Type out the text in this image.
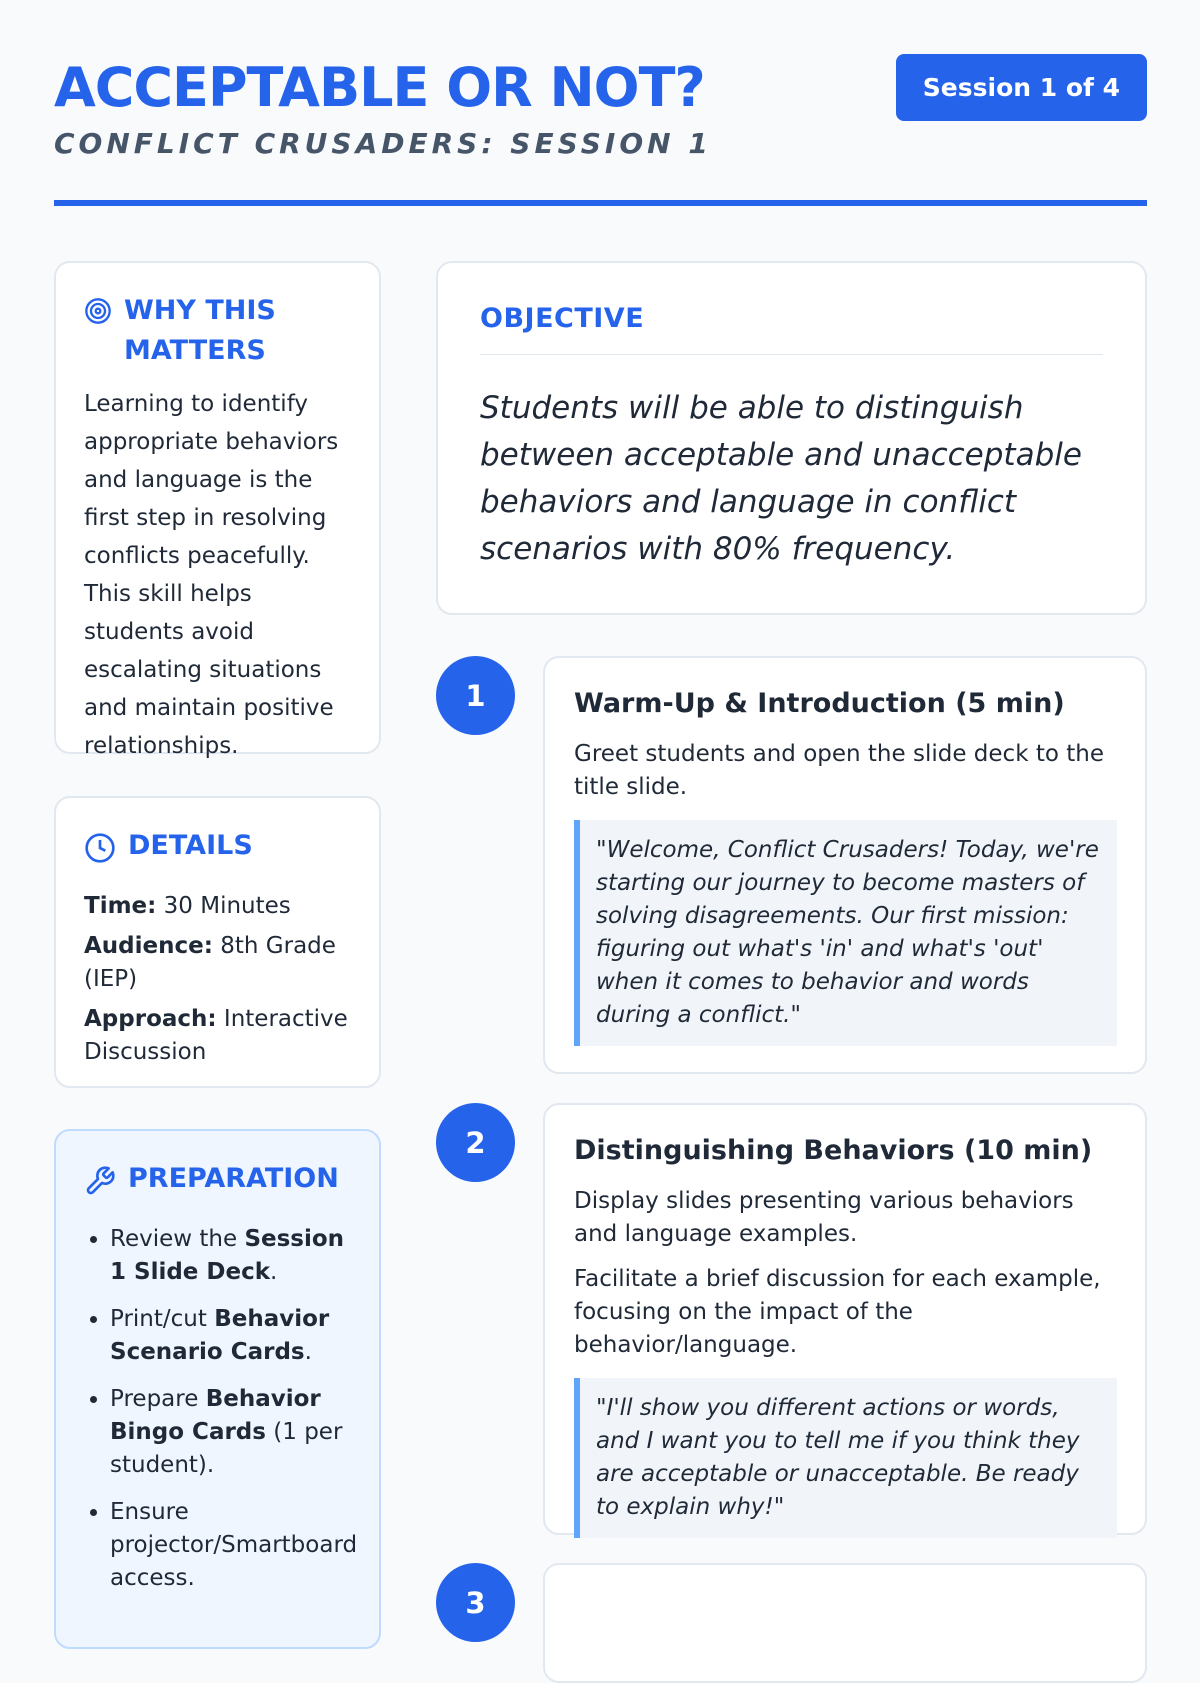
ACCEPTABLE OR NOT?

CONFLICT CRUSADERS: SESSION 1

Session 1 of 4
WHY THIS MATTERS
Learning to identify appropriate behaviors and language is the first step in resolving conflicts peacefully. This skill helps students avoid escalating situations and maintain positive relationships.
DETAILS
Time: 30 Minutes
Audience: 8th Grade (IEP)
Approach: Interactive Discussion
PREPARATION
• Review the Session 1 Slide Deck.
• Print/cut Behavior Scenario Cards.
• Prepare Behavior Bingo Cards (1 per student).
• Ensure projector/Smartboard access.
OBJECTIVE
Students will be able to distinguish between acceptable and unacceptable behaviors and language in conflict scenarios with 80% frequency.
1	Warm-Up & Introduction (5 min)
Greet students and open the slide deck to the title slide.
"Welcome, Conflict Crusaders! Today, we're starting our journey to become masters of solving disagreements. Our first mission: figuring out what's 'in' and what's 'out' when it comes to behavior and words during a conflict."
2	Distinguishing Behaviors (10 min)
Display slides presenting various behaviors and language examples.
Facilitate a brief discussion for each example, focusing on the impact of the behavior/language.
"I'll show you different actions or words, and I want you to tell me if you think they are acceptable or unacceptable. Be ready to explain why!"
3
